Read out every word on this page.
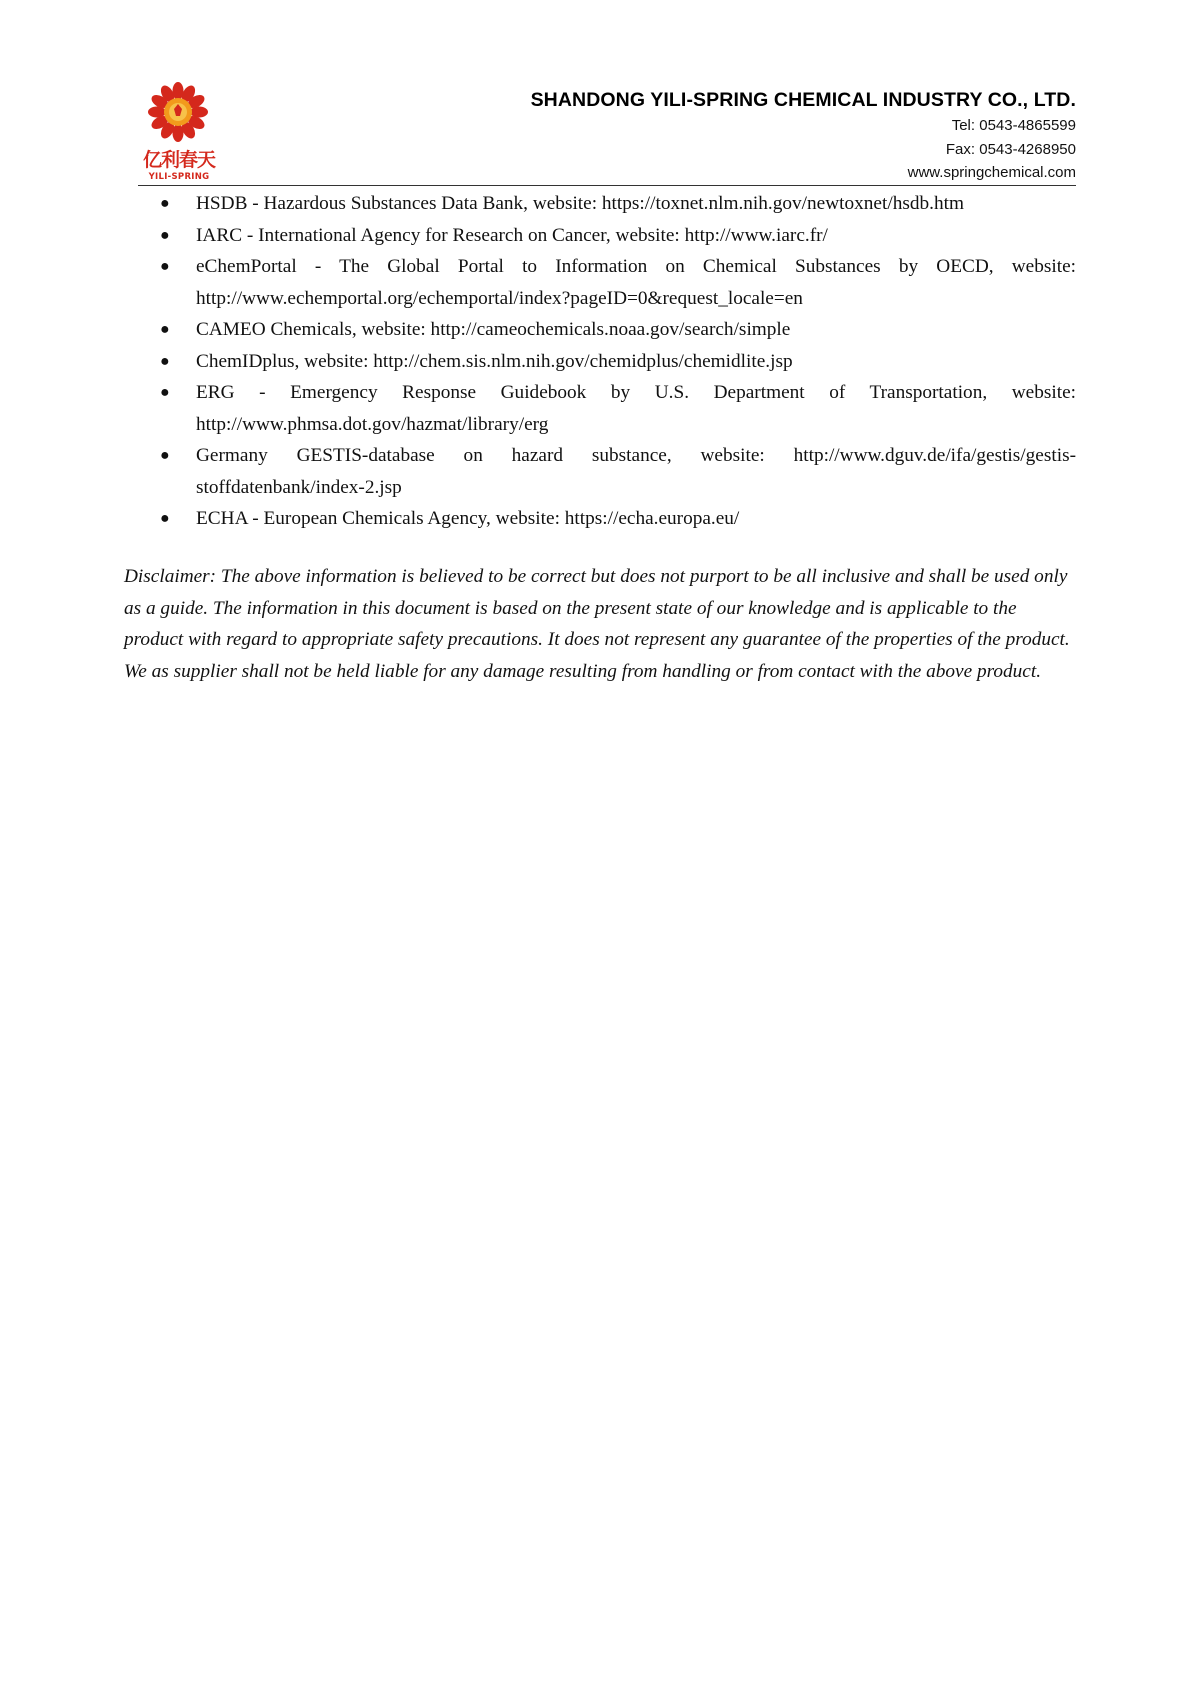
亿利春天
YILI-SPRING
SHANDONG YILI-SPRING CHEMICAL INDUSTRY CO., LTD.
Tel: 0543-4865599
Fax: 0543-4268950
www.springchemical.com
● HSDB - Hazardous Substances Data Bank, website: https://toxnet.nlm.nih.gov/newtoxnet/hsdb.htm
● IARC - International Agency for Research on Cancer, website: http://www.iarc.fr/
● eChemPortal - The Global Portal to Information on Chemical Substances by OECD, website: http://www.echemportal.org/echemportal/index?pageID=0&request_locale=en
● CAMEO Chemicals, website: http://cameochemicals.noaa.gov/search/simple
● ChemIDplus, website: http://chem.sis.nlm.nih.gov/chemidplus/chemidlite.jsp
● ERG - Emergency Response Guidebook by U.S. Department of Transportation, website: http://www.phmsa.dot.gov/hazmat/library/erg
● Germany GESTIS-database on hazard substance, website: http://www.dguv.de/ifa/gestis/gestis-stoffdatenbank/index-2.jsp
● ECHA - European Chemicals Agency, website: https://echa.europa.eu/

Disclaimer: The above information is believed to be correct but does not purport to be all inclusive and shall be used only as a guide. The information in this document is based on the present state of our knowledge and is applicable to the product with regard to appropriate safety precautions. It does not represent any guarantee of the properties of the product. We as supplier shall not be held liable for any damage resulting from handling or from contact with the above product.
